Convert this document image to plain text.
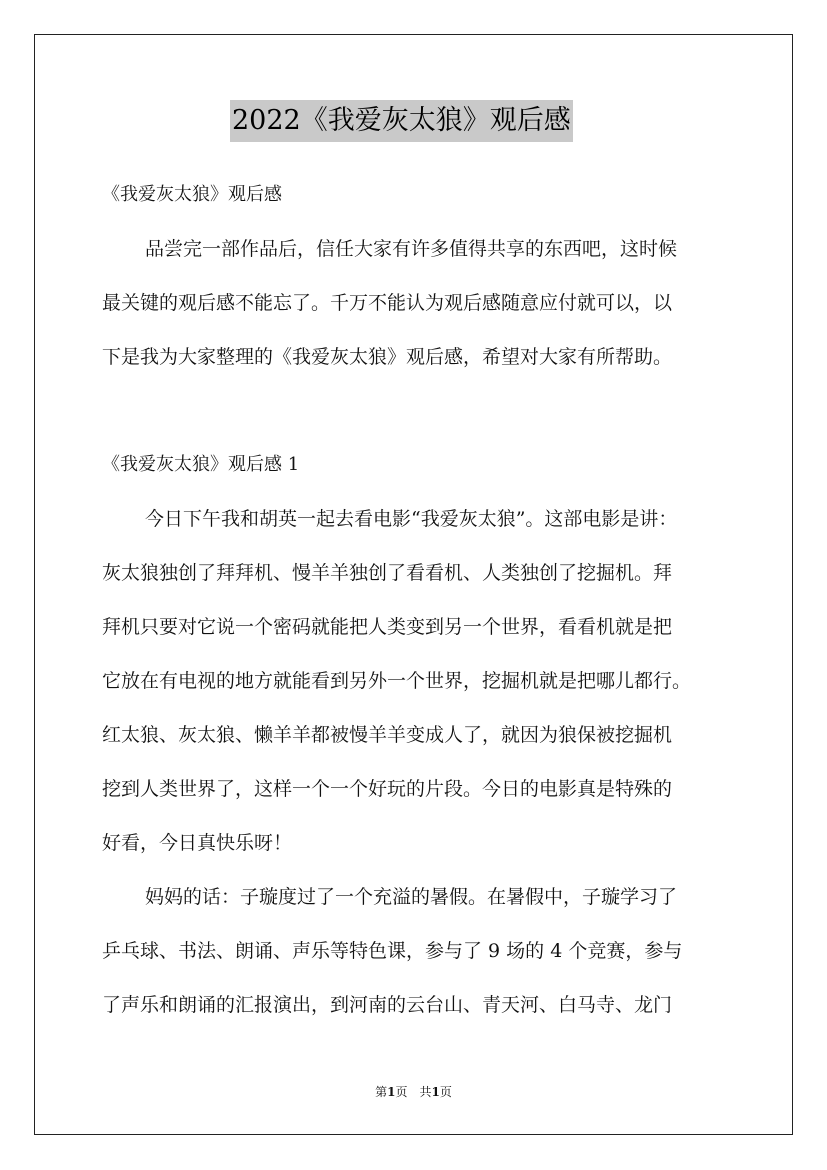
2022《我爱灰太狼》观后感
《我爱灰太狼》观后感
品尝完一部作品后，信任大家有许多值得共享的东西吧，这时候
最关键的观后感不能忘了。千万不能认为观后感随意应付就可以，以
下是我为大家整理的《我爱灰太狼》观后感，希望对大家有所帮助。
《我爱灰太狼》观后感 1
今日下午我和胡英一起去看电影“我爱灰太狼”。这部电影是讲：
灰太狼独创了拜拜机、慢羊羊独创了看看机、人类独创了挖掘机。拜
拜机只要对它说一个密码就能把人类变到另一个世界，看看机就是把
它放在有电视的地方就能看到另外一个世界，挖掘机就是把哪儿都行。
红太狼、灰太狼、懒羊羊都被慢羊羊变成人了，就因为狼保被挖掘机
挖到人类世界了，这样一个一个好玩的片段。今日的电影真是特殊的
好看，今日真快乐呀！
妈妈的话：子璇度过了一个充溢的暑假。在暑假中，子璇学习了
乒乓球、书法、朗诵、声乐等特色课，参与了 9 场的 4 个竞赛，参与
了声乐和朗诵的汇报演出，到河南的云台山、青天河、白马寺、龙门
第1页　共1页
